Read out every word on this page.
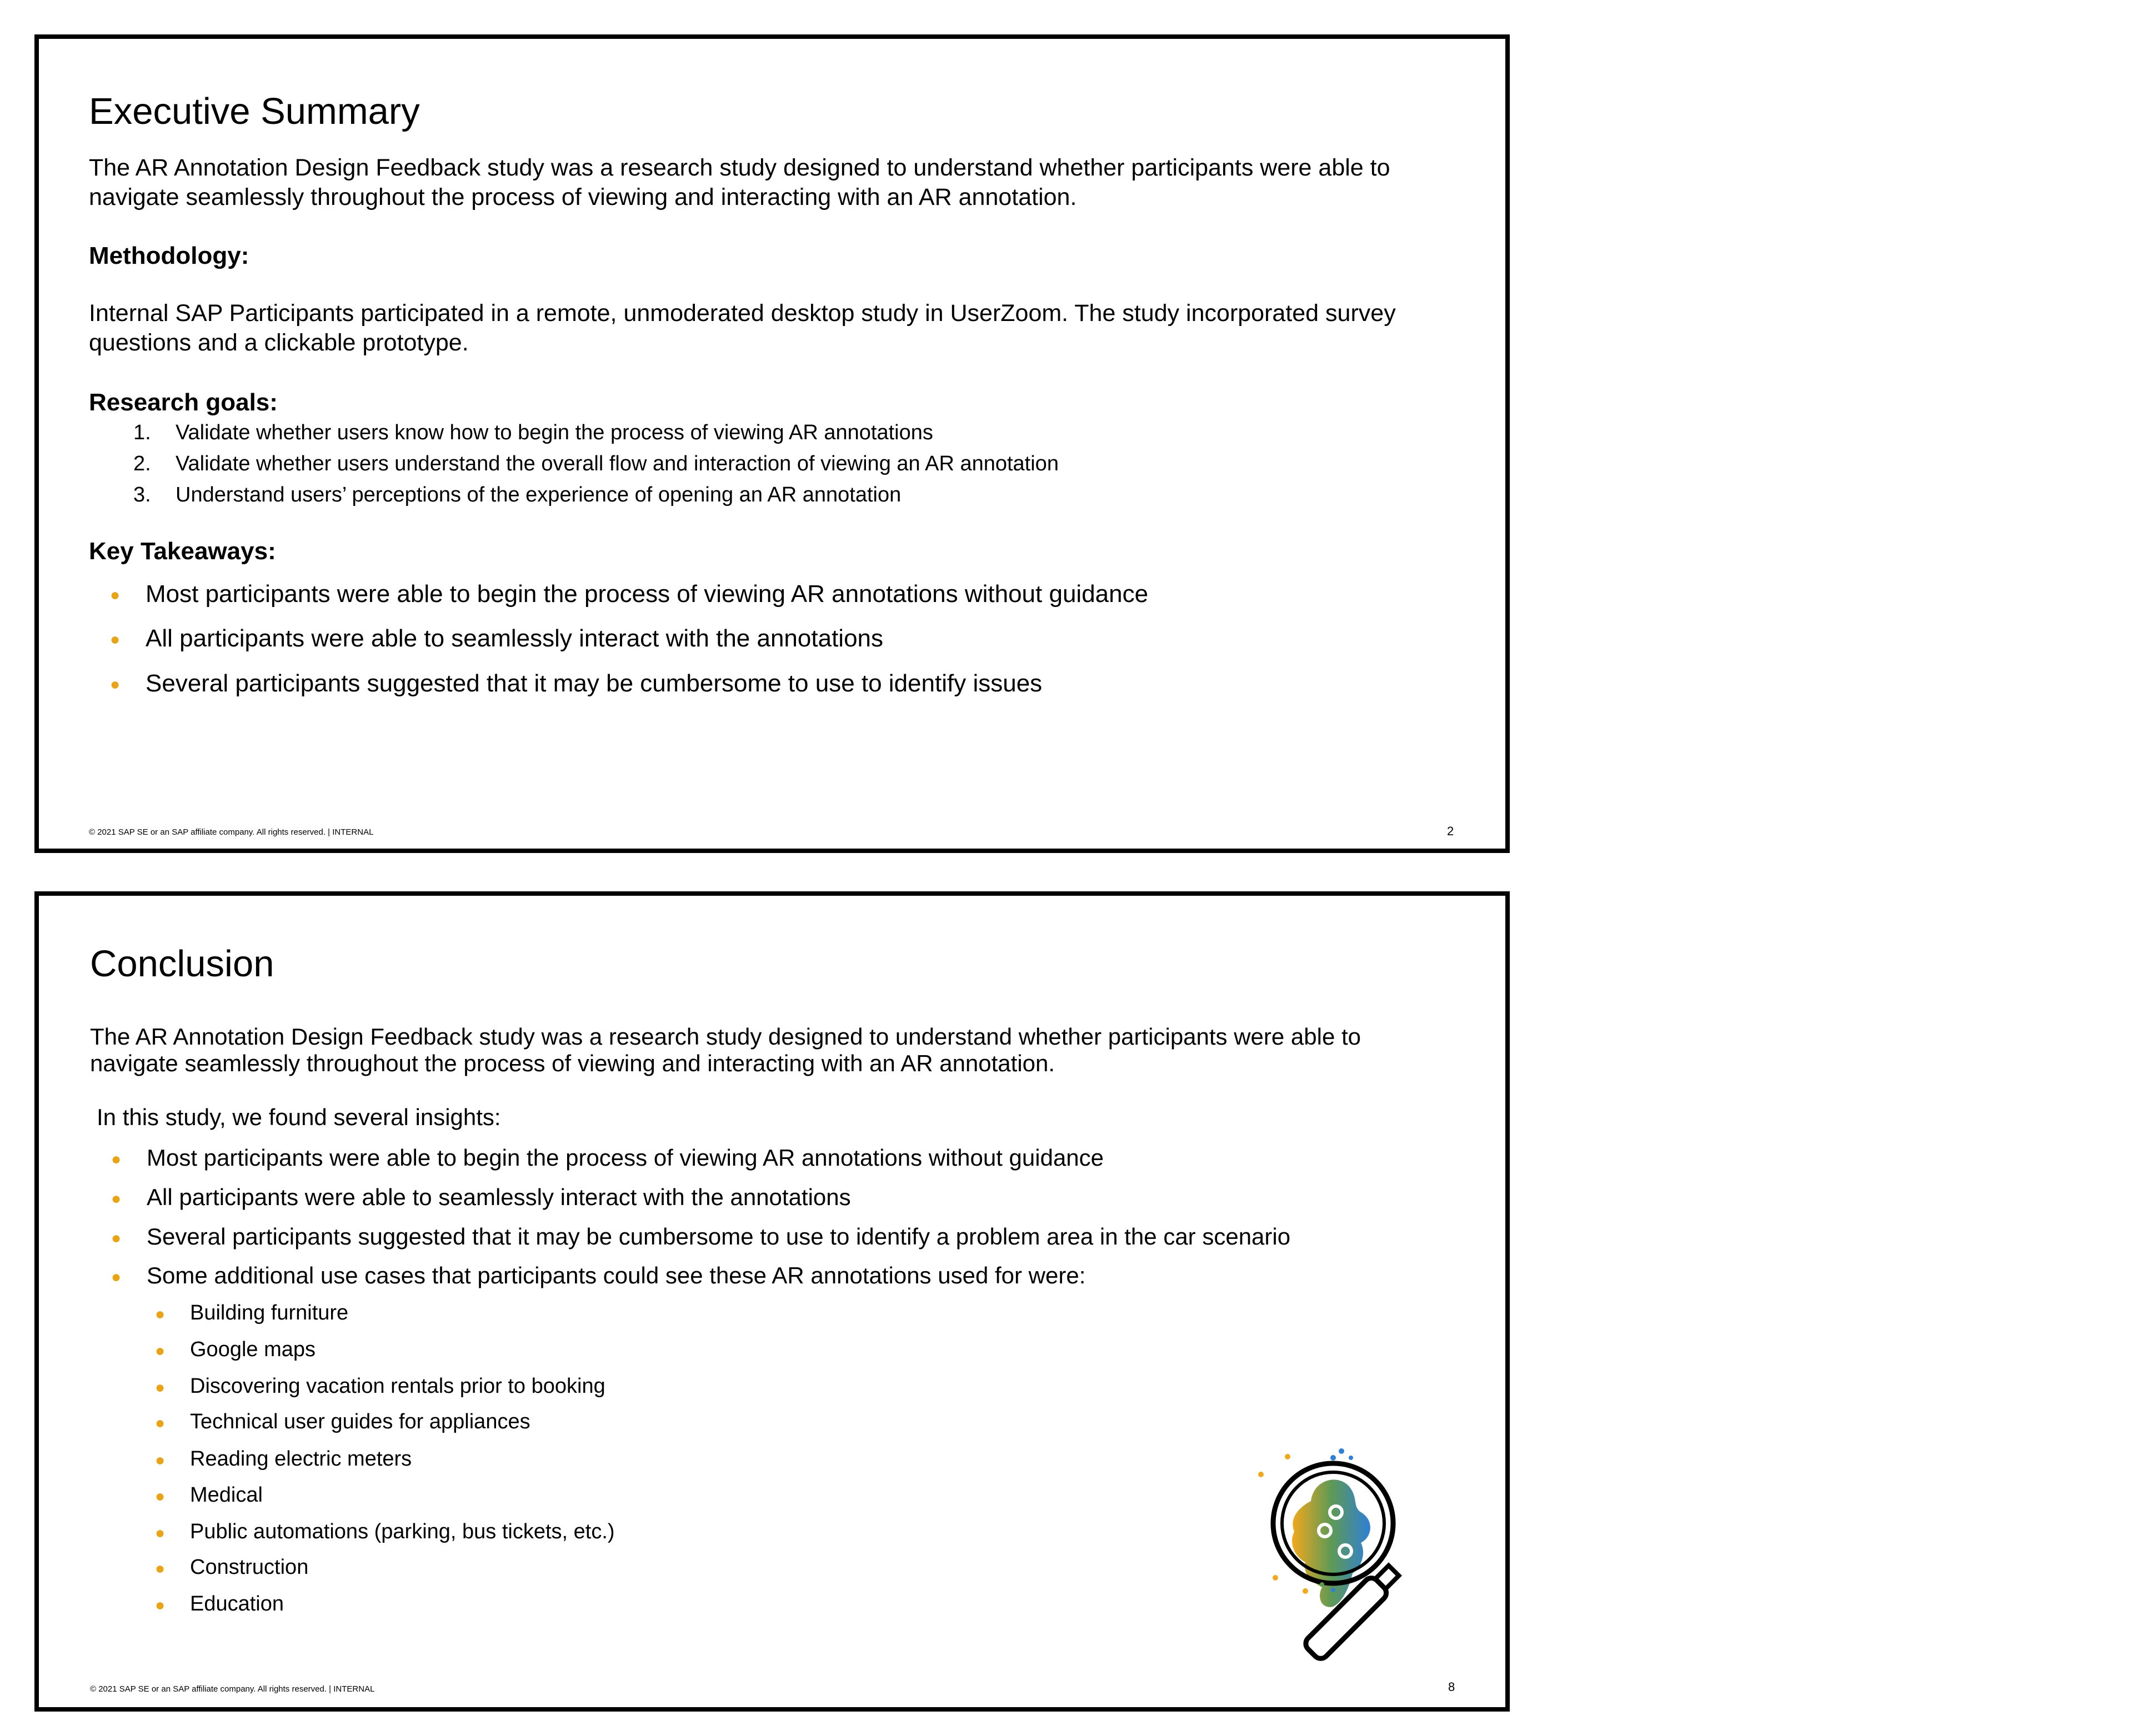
Executive Summary

The AR Annotation Design Feedback study was a research study designed to understand whether participants were able to navigate seamlessly throughout the process of viewing and interacting with an AR annotation.

Methodology:

Internal SAP Participants participated in a remote, unmoderated desktop study in UserZoom. The study incorporated survey questions and a clickable prototype.

Research goals:
1. Validate whether users know how to begin the process of viewing AR annotations
2. Validate whether users understand the overall flow and interaction of viewing an AR annotation
3. Understand users’ perceptions of the experience of opening an AR annotation
Key Takeaways:
● Most participants were able to begin the process of viewing AR annotations without guidance
● All participants were able to seamlessly interact with the annotations
● Several participants suggested that it may be cumbersome to use to identify issues
© 2021 SAP SE or an SAP affiliate company. All rights reserved. | INTERNAL	2
Conclusion

The AR Annotation Design Feedback study was a research study designed to understand whether participants were able to navigate seamlessly throughout the process of viewing and interacting with an AR annotation.

In this study, we found several insights:
● Most participants were able to begin the process of viewing AR annotations without guidance
● All participants were able to seamlessly interact with the annotations
● Several participants suggested that it may be cumbersome to use to identify a problem area in the car scenario
● Some additional use cases that participants could see these AR annotations used for were:
● Building furniture
● Google maps
● Discovering vacation rentals prior to booking
● Technical user guides for appliances
● Reading electric meters
● Medical
● Public automations (parking, bus tickets, etc.)
● Construction
● Education
© 2021 SAP SE or an SAP affiliate company. All rights reserved. | INTERNAL	8
